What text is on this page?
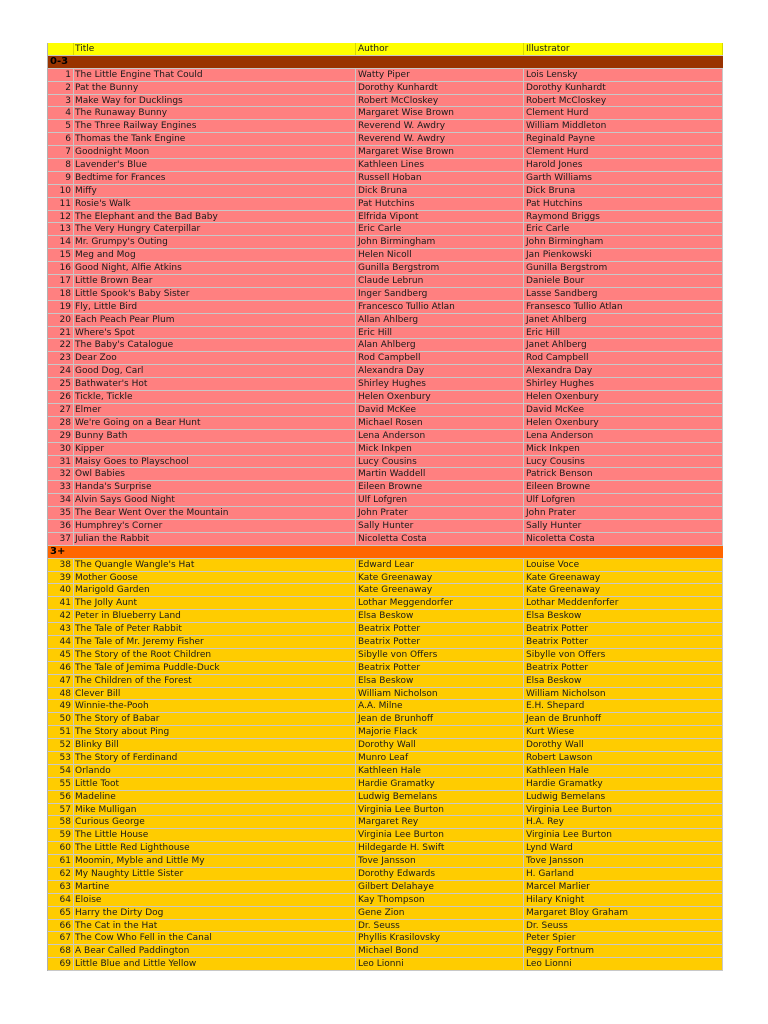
Title	Author	Illustrator
0-3
1 The Little Engine That Could	Watty Piper	Lois Lensky
2 Pat the Bunny	Dorothy Kunhardt	Dorothy Kunhardt
3 Make Way for Ducklings	Robert McCloskey	Robert McCloskey
4 The Runaway Bunny	Margaret Wise Brown	Clement Hurd
5 The Three Railway Engines	Reverend W. Awdry	William Middleton
6 Thomas the Tank Engine	Reverend W. Awdry	Reginald Payne
7 Goodnight Moon	Margaret Wise Brown	Clement Hurd
8 Lavender's Blue	Kathleen Lines	Harold Jones
9 Bedtime for Frances	Russell Hoban	Garth Williams
10 Miffy	Dick Bruna	Dick Bruna
11 Rosie's Walk	Pat Hutchins	Pat Hutchins
12 The Elephant and the Bad Baby	Elfrida Vipont	Raymond Briggs
13 The Very Hungry Caterpillar	Eric Carle	Eric Carle
14 Mr. Grumpy's Outing	John Birmingham	John Birmingham
15 Meg and Mog	Helen Nicoll	Jan Pienkowski
16 Good Night, Alfie Atkins	Gunilla Bergstrom	Gunilla Bergstrom
17 Little Brown Bear	Claude Lebrun	Daniele Bour
18 Little Spook's Baby Sister	Inger Sandberg	Lasse Sandberg
19 Fly, Little Bird	Francesco Tullio Atlan	Fransesco Tullio Atlan
20 Each Peach Pear Plum	Allan Ahlberg	Janet Ahlberg
21 Where's Spot	Eric Hill	Eric Hill
22 The Baby's Catalogue	Alan Ahlberg	Janet Ahlberg
23 Dear Zoo	Rod Campbell	Rod Campbell
24 Good Dog, Carl	Alexandra Day	Alexandra Day
25 Bathwater's Hot	Shirley Hughes	Shirley Hughes
26 Tickle, Tickle	Helen Oxenbury	Helen Oxenbury
27 Elmer	David McKee	David McKee
28 We're Going on a Bear Hunt	Michael Rosen	Helen Oxenbury
29 Bunny Bath	Lena Anderson	Lena Anderson
30 Kipper	Mick Inkpen	Mick Inkpen
31 Maisy Goes to Playschool	Lucy Cousins	Lucy Cousins
32 Owl Babies	Martin Waddell	Patrick Benson
33 Handa's Surprise	Eileen Browne	Eileen Browne
34 Alvin Says Good Night	Ulf Lofgren	Ulf Lofgren
35 The Bear Went Over the Mountain	John Prater	John Prater
36 Humphrey's Corner	Sally Hunter	Sally Hunter
37 Julian the Rabbit	Nicoletta Costa	Nicoletta Costa
3+
38 The Quangle Wangle's Hat	Edward Lear	Louise Voce
39 Mother Goose	Kate Greenaway	Kate Greenaway
40 Marigold Garden	Kate Greenaway	Kate Greenaway
41 The Jolly Aunt	Lothar Meggendorfer	Lothar Meddenforfer
42 Peter in Blueberry Land	Elsa Beskow	Elsa Beskow
43 The Tale of Peter Rabbit	Beatrix Potter	Beatrix Potter
44 The Tale of Mr. Jeremy Fisher	Beatrix Potter	Beatrix Potter
45 The Story of the Root Children	Sibylle von Offers	Sibylle von Offers
46 The Tale of Jemima Puddle-Duck	Beatrix Potter	Beatrix Potter
47 The Children of the Forest	Elsa Beskow	Elsa Beskow
48 Clever Bill	William Nicholson	William Nicholson
49 Winnie-the-Pooh	A.A. Milne	E.H. Shepard
50 The Story of Babar	Jean de Brunhoff	Jean de Brunhoff
51 The Story about Ping	Majorie Flack	Kurt Wiese
52 Blinky Bill	Dorothy Wall	Dorothy Wall
53 The Story of Ferdinand	Munro Leaf	Robert Lawson
54 Orlando	Kathleen Hale	Kathleen Hale
55 Little Toot	Hardie Gramatky	Hardie Gramatky
56 Madeline	Ludwig Bemelans	Ludwig Bemelans
57 Mike Mulligan	Virginia Lee Burton	Virginia Lee Burton
58 Curious George	Margaret Rey	H.A. Rey
59 The Little House	Virginia Lee Burton	Virginia Lee Burton
60 The Little Red Lighthouse	Hildegarde H. Swift	Lynd Ward
61 Moomin, Myble and Little My	Tove Jansson	Tove Jansson
62 My Naughty Little Sister	Dorothy Edwards	H. Garland
63 Martine	Gilbert Delahaye	Marcel Marlier
64 Eloise	Kay Thompson	Hilary Knight
65 Harry the Dirty Dog	Gene Zion	Margaret Bloy Graham
66 The Cat in the Hat	Dr. Seuss	Dr. Seuss
67 The Cow Who Fell in the Canal	Phyllis Krasilovsky	Peter Spier
68 A Bear Called Paddington	Michael Bond	Peggy Fortnum
69 Little Blue and Little Yellow	Leo Lionni	Leo Lionni
